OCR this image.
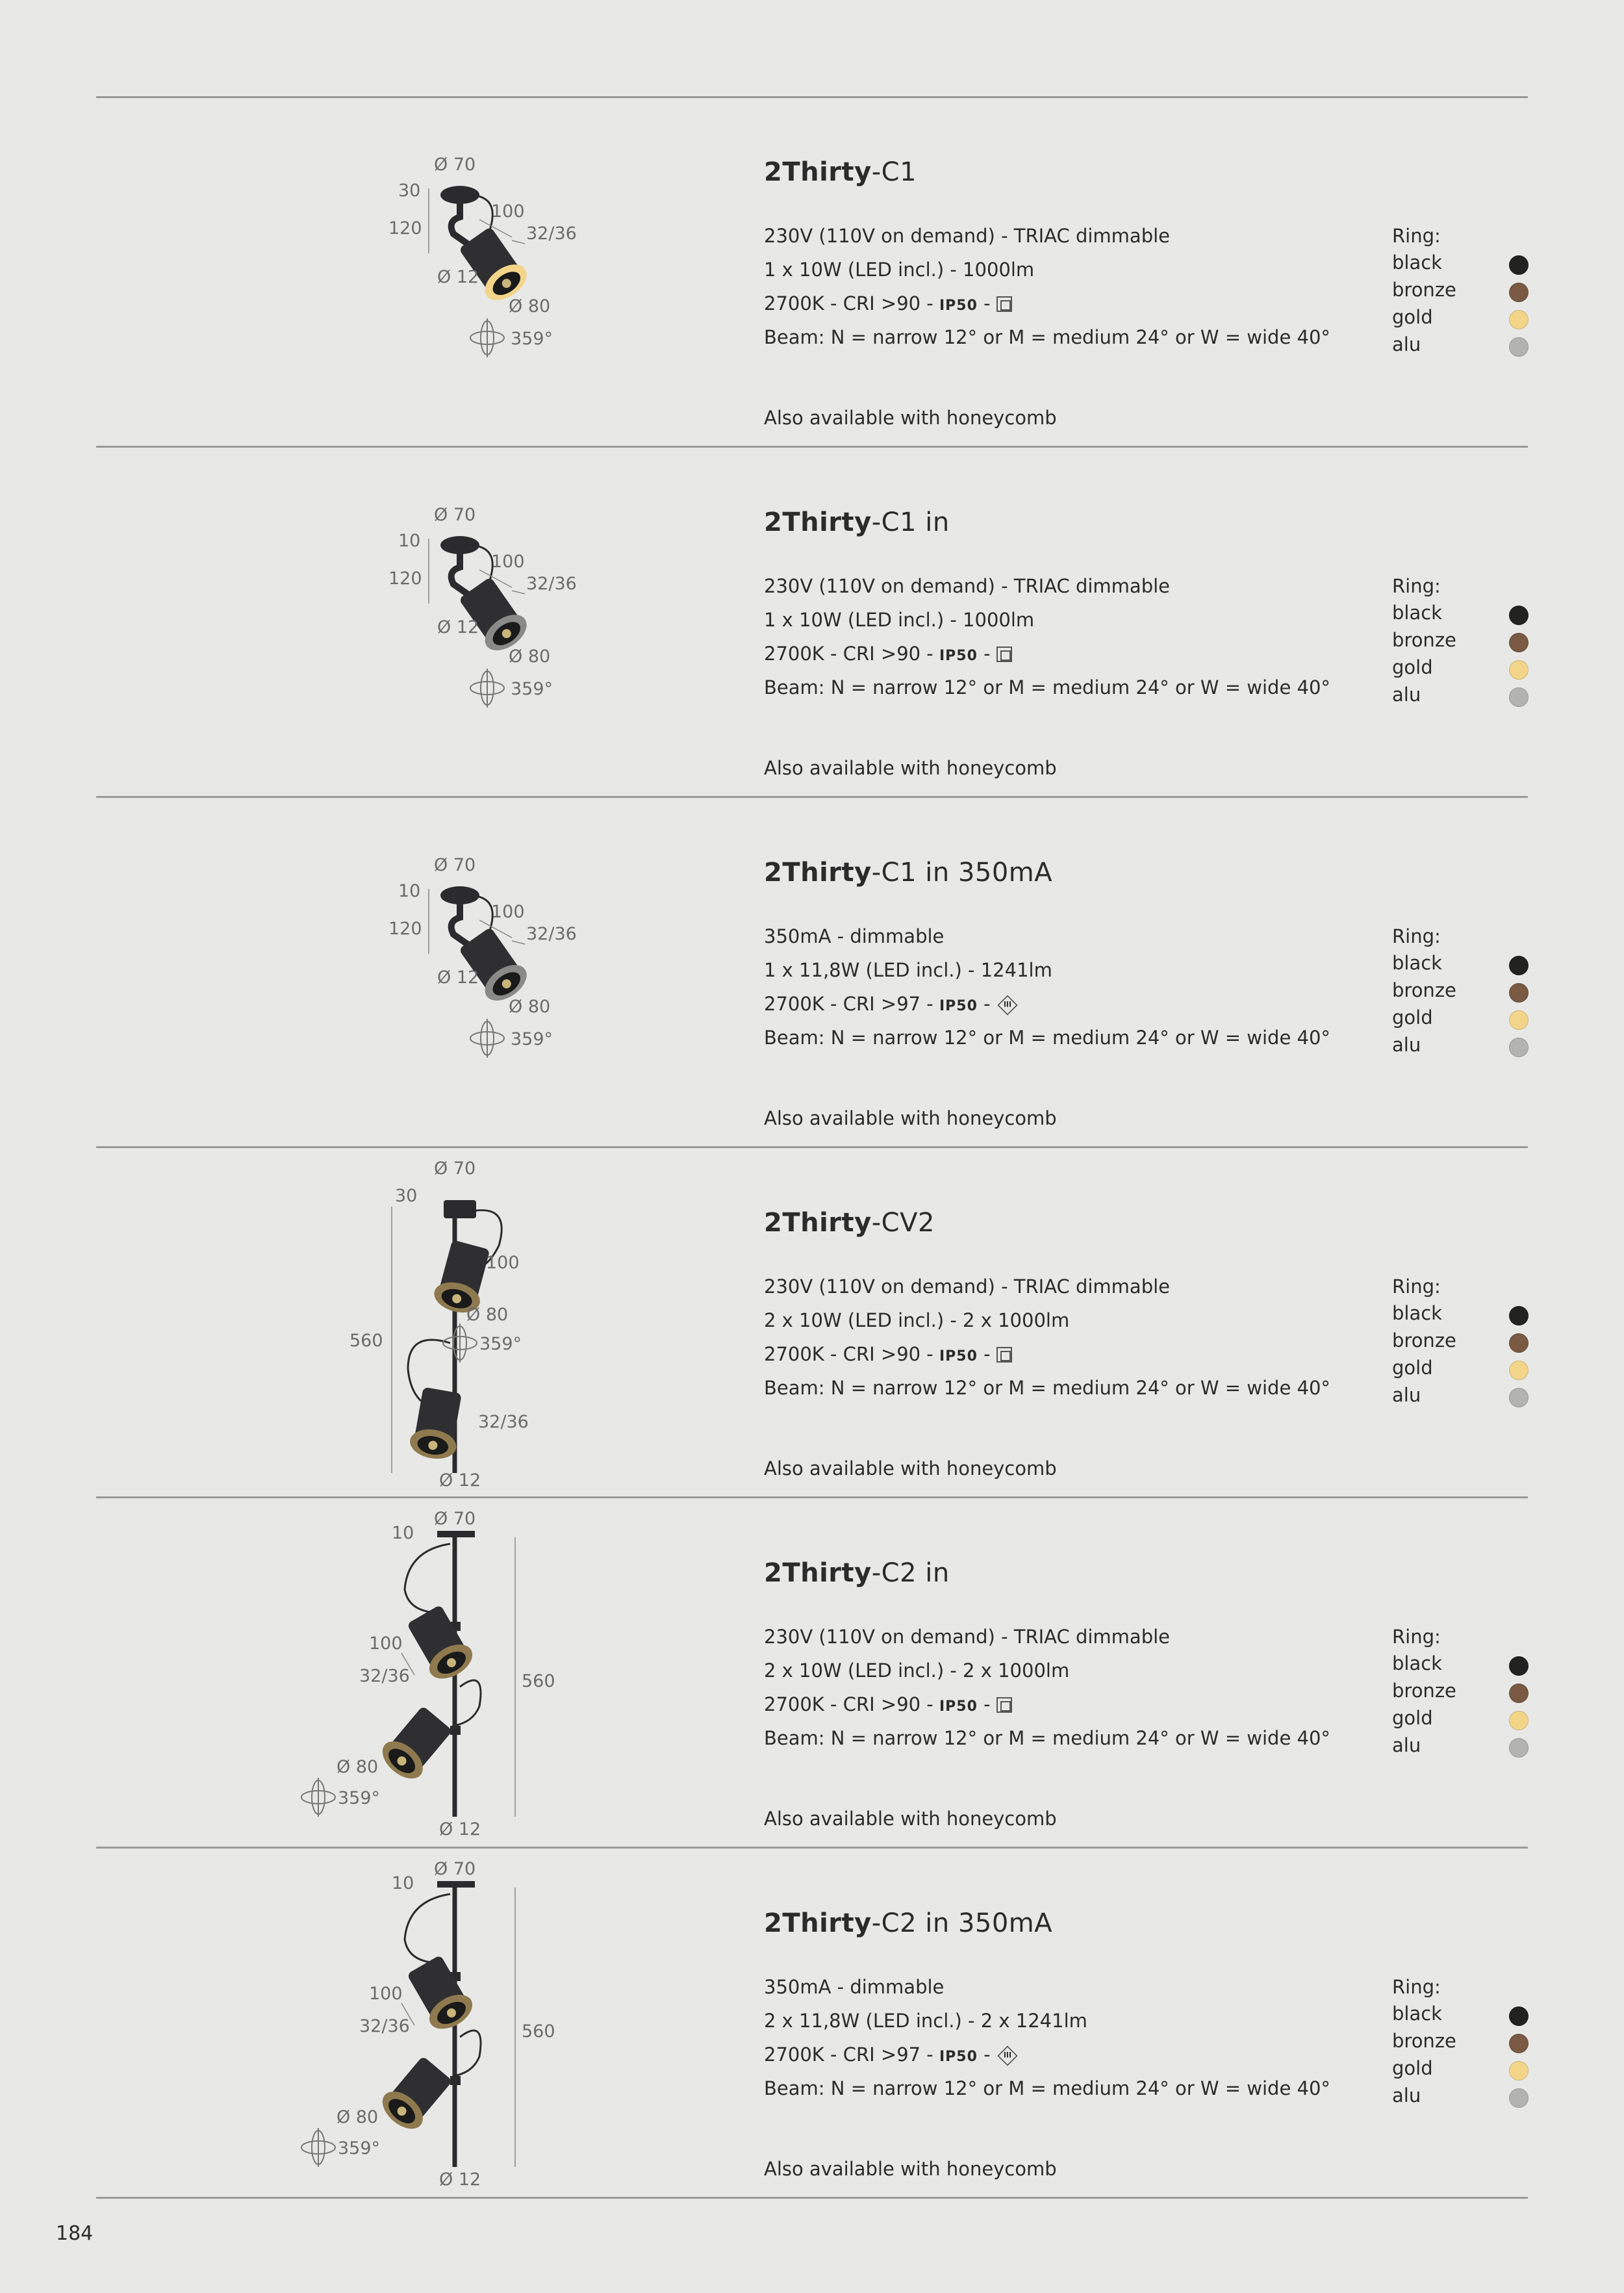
Ø 70
30
120
100
32/36
Ø 12
Ø 80
359°
2Thirty-C1
230V (110V on demand) - TRIAC dimmable
1 x 10W (LED incl.) - 1000lm
2700K - CRI >90 - IP50 -
Beam: N = narrow 12° or M = medium 24° or W = wide 40°
Also available with honeycomb
Ring:
black
bronze
gold
alu
Ø 70
10
120
100
32/36
Ø 12
Ø 80
359°
2Thirty-C1 in
230V (110V on demand) - TRIAC dimmable
1 x 10W (LED incl.) - 1000lm
2700K - CRI >90 - IP50 -
Beam: N = narrow 12° or M = medium 24° or W = wide 40°
Also available with honeycomb
Ring:
black
bronze
gold
alu
Ø 70
10
120
100
32/36
Ø 12
Ø 80
359°
2Thirty-C1 in 350mA
350mA - dimmable
1 x 11,8W (LED incl.) - 1241lm
2700K - CRI >97 - IP50 - III
Beam: N = narrow 12° or M = medium 24° or W = wide 40°
Also available with honeycomb
Ring:
black
bronze
gold
alu
Ø 70
30
560
100
Ø 80
359°
32/36
Ø 12
2Thirty-CV2
230V (110V on demand) - TRIAC dimmable
2 x 10W (LED incl.) - 2 x 1000lm
2700K - CRI >90 - IP50 -
Beam: N = narrow 12° or M = medium 24° or W = wide 40°
Also available with honeycomb
Ring:
black
bronze
gold
alu
Ø 70
10
560
100
32/36
Ø 80
359°
Ø 12
2Thirty-C2 in
230V (110V on demand) - TRIAC dimmable
2 x 10W (LED incl.) - 2 x 1000lm
2700K - CRI >90 - IP50 -
Beam: N = narrow 12° or M = medium 24° or W = wide 40°
Also available with honeycomb
Ring:
black
bronze
gold
alu
Ø 70
10
560
100
32/36
Ø 80
359°
Ø 12
2Thirty-C2 in 350mA
350mA - dimmable
2 x 11,8W (LED incl.) - 2 x 1241lm
2700K - CRI >97 - IP50 - III
Beam: N = narrow 12° or M = medium 24° or W = wide 40°
Also available with honeycomb
Ring:
black
bronze
gold
alu
184
